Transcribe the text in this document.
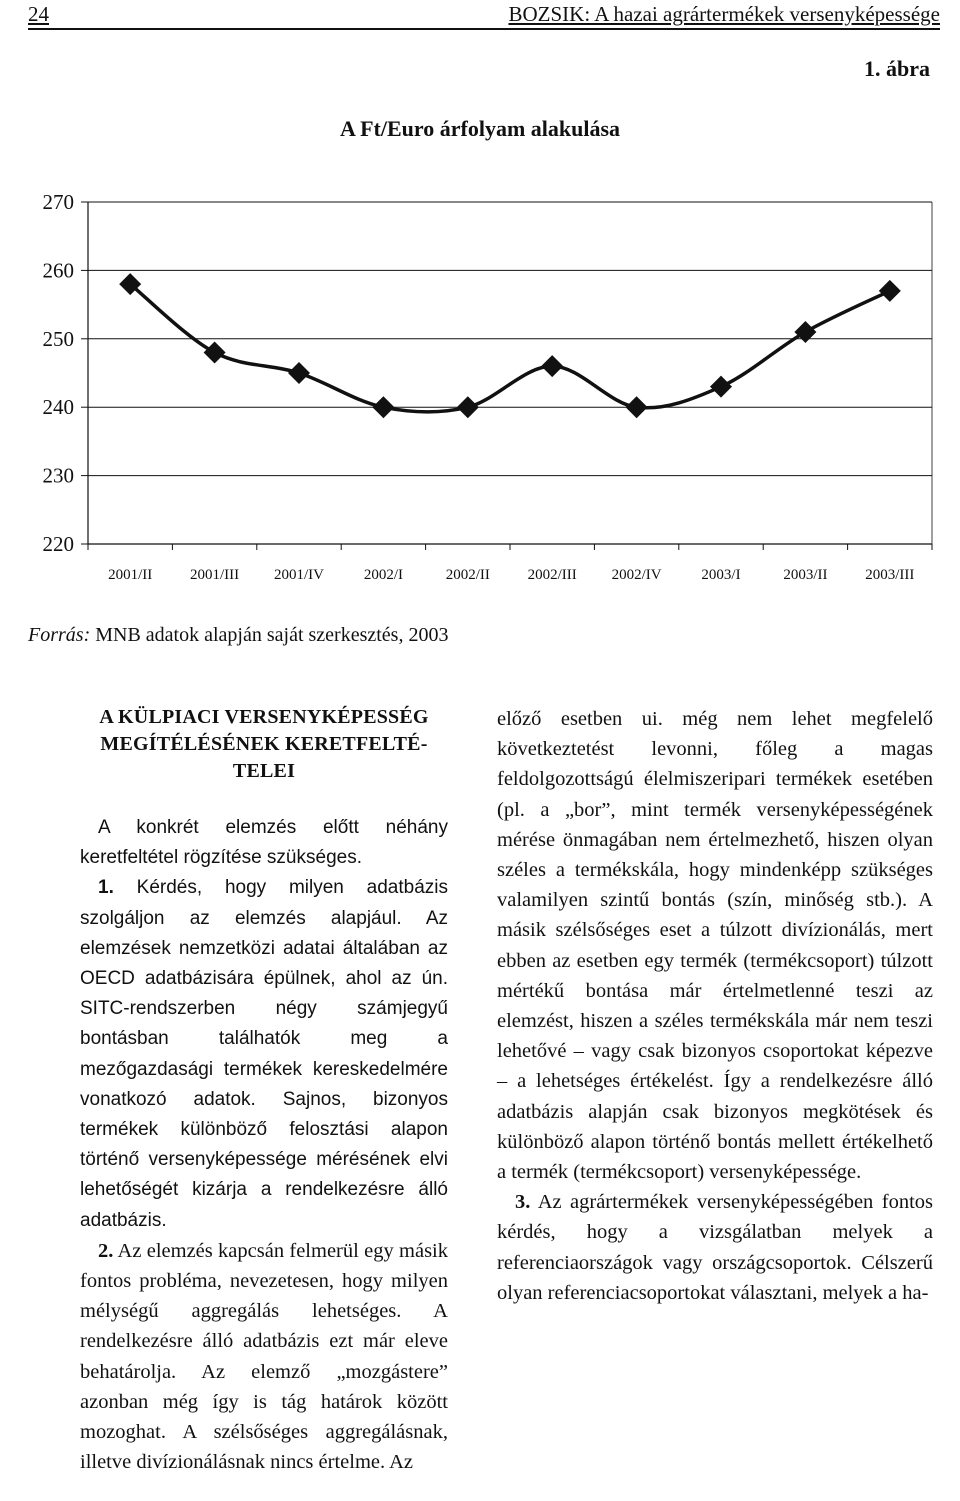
24	BOZSIK: A hazai agrártermékek versenyképessége
1. ábra
A Ft/Euro árfolyam alakulása
220
230
240
250
260
270
2001/II	2001/III 2001/IV	2002/I	2002/II	2002/III 2002/IV	2003/I	2003/II	2003/III
Forrás: MNB adatok alapján saját szerkesztés, 2003
A KÜLPIACI VERSENYKÉPESSÉG
MEGÍTÉLÉSÉNEK KERETFELTÉ-
TELEI

A konkrét elemzés előtt néhány keretfeltétel rögzítése szükséges.

1. Kérdés, hogy milyen adatbázis szolgáljon az elemzés alapjául. Az elemzések nemzetközi adatai általában az OECD adatbázisára épülnek, ahol az ún. SITC-rendszerben négy számjegyű bontásban találhatók meg a mezőgazdasági termékek kereskedelmére vonatkozó adatok. Sajnos, bizonyos termékek különböző felosztási alapon történő versenyképessége mérésének elvi lehetőségét kizárja a rendelkezésre álló adatbázis.

2. Az elemzés kapcsán felmerül egy másik fontos probléma, nevezetesen, hogy milyen mélységű aggregálás lehetséges. A rendelkezésre álló adatbázis ezt már eleve behatárolja. Az elemző „mozgástere” azonban még így is tág határok között mozoghat. A szélsőséges aggregálásnak, illetve divízionálásnak nincs értelme. Az

előző esetben ui. még nem lehet megfelelő következtetést levonni, főleg a magas feldolgozottságú élelmiszeripari termékek esetében (pl. a „bor”, mint termék versenyképességének mérése önmagában nem értelmezhető, hiszen olyan széles a termékskála, hogy mindenképp szükséges valamilyen szintű bontás (szín, minőség stb.). A másik szélsőséges eset a túlzott divízionálás, mert ebben az esetben egy termék (termékcsoport) túlzott mértékű bontása már értelmetlenné teszi az elemzést, hiszen a széles termékskála már nem teszi lehetővé – vagy csak bizonyos csoportokat képezve – a lehetséges értékelést. Így a rendelkezésre álló adatbázis alapján csak bizonyos megkötések és különböző alapon történő bontás mellett értékelhető a termék (termékcsoport) versenyképessége.

3. Az agrártermékek versenyképességében fontos kérdés, hogy a vizsgálatban melyek a referenciaországok vagy országcsoportok. Célszerű olyan referenciacsoportokat választani, melyek a ha-
